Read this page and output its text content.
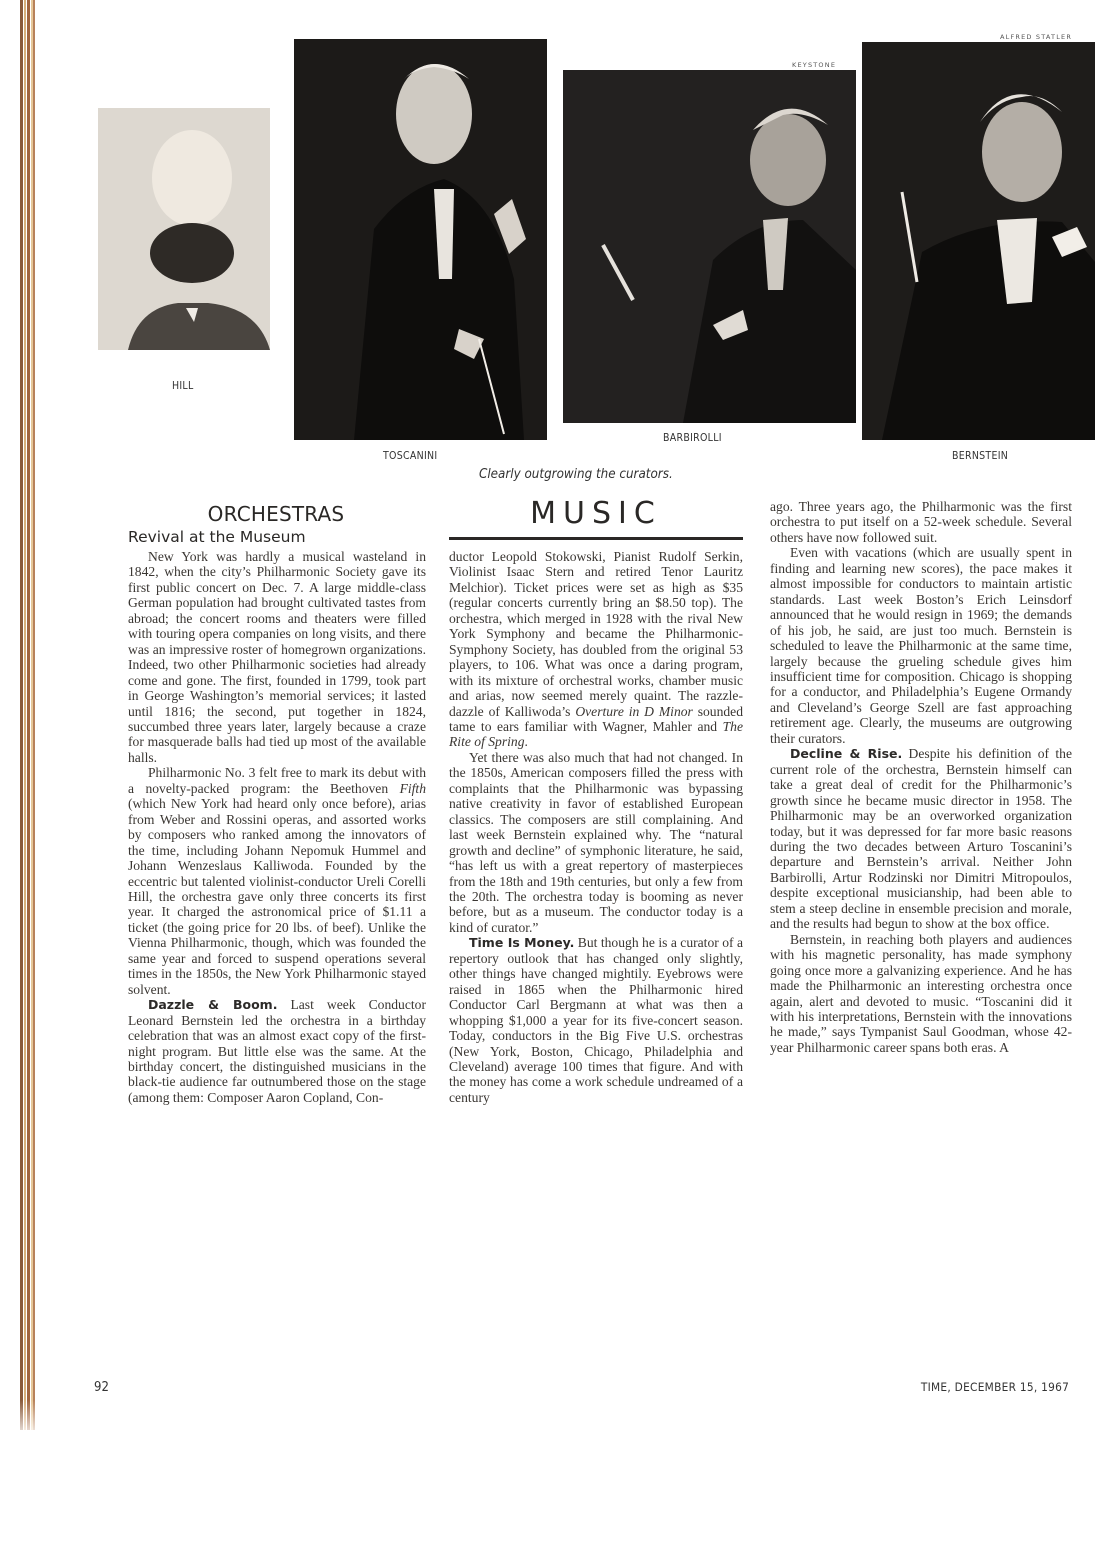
HILL
TOSCANINI
KEYSTONE
BARBIROLLI
ALFRED STATLER
BERNSTEIN
Clearly outgrowing the curators.
ORCHESTRAS
Revival at the Museum
MUSIC

New York was hardly a musical wasteland in 1842, when the city’s Philharmonic Society gave its first public concert on Dec. 7. A large middle-class German population had brought cultivated tastes from abroad; the concert rooms and theaters were filled with touring opera companies on long visits, and there was an impressive roster of homegrown organizations. Indeed, two other Philharmonic societies had already come and gone. The first, founded in 1799, took part in George Washington’s memorial services; it lasted until 1816; the second, put together in 1824, succumbed three years later, largely because a craze for masquerade balls had tied up most of the available halls.

Philharmonic No. 3 felt free to mark its debut with a novelty-packed program: the Beethoven Fifth (which New York had heard only once before), arias from Weber and Rossini operas, and assorted works by composers who ranked among the innovators of the time, including Johann Nepomuk Hummel and Johann Wenzeslaus Kalliwoda. Founded by the eccentric but talented violinist-conductor Ureli Corelli Hill, the orchestra gave only three concerts its first year. It charged the astronomical price of $1.11 a ticket (the going price for 20 lbs. of beef). Unlike the Vienna Philharmonic, though, which was founded the same year and forced to suspend operations several times in the 1850s, the New York Philharmonic stayed solvent.

Dazzle & Boom. Last week Conductor Leonard Bernstein led the orchestra in a birthday celebration that was an almost exact copy of the first-night program. But little else was the same. At the birthday concert, the distinguished musicians in the black-tie audience far outnumbered those on the stage (among them: Composer Aaron Copland, Con-

ductor Leopold Stokowski, Pianist Rudolf Serkin, Violinist Isaac Stern and retired Tenor Lauritz Melchior). Ticket prices were set as high as $35 (regular concerts currently bring an $8.50 top). The orchestra, which merged in 1928 with the rival New York Symphony and became the Philharmonic-Symphony Society, has doubled from the original 53 players, to 106. What was once a daring program, with its mixture of orchestral works, chamber music and arias, now seemed merely quaint. The razzle-dazzle of Kalliwoda’s Overture in D Minor sounded tame to ears familiar with Wagner, Mahler and The Rite of Spring.

Yet there was also much that had not changed. In the 1850s, American composers filled the press with complaints that the Philharmonic was bypassing native creativity in favor of established European classics. The composers are still complaining. And last week Bernstein explained why. The “natural growth and decline” of symphonic literature, he said, “has left us with a great repertory of masterpieces from the 18th and 19th centuries, but only a few from the 20th. The orchestra today is booming as never before, but as a museum. The conductor today is a kind of curator.”

Time Is Money. But though he is a curator of a repertory outlook that has changed only slightly, other things have changed mightily. Eyebrows were raised in 1865 when the Philharmonic hired Conductor Carl Bergmann at what was then a whopping $1,000 a year for its five-concert season. Today, conductors in the Big Five U.S. orchestras (New York, Boston, Chicago, Philadelphia and Cleveland) average 100 times that figure. And with the money has come a work schedule undreamed of a century

ago. Three years ago, the Philharmonic was the first orchestra to put itself on a 52-week schedule. Several others have now followed suit.

Even with vacations (which are usually spent in finding and learning new scores), the pace makes it almost impossible for conductors to maintain artistic standards. Last week Boston’s Erich Leinsdorf announced that he would resign in 1969; the demands of his job, he said, are just too much. Bernstein is scheduled to leave the Philharmonic at the same time, largely because the grueling schedule gives him insufficient time for composition. Chicago is shopping for a conductor, and Philadelphia’s Eugene Ormandy and Cleveland’s George Szell are fast approaching retirement age. Clearly, the museums are outgrowing their curators.

Decline & Rise. Despite his definition of the current role of the orchestra, Bernstein himself can take a great deal of credit for the Philharmonic’s growth since he became music director in 1958. The Philharmonic may be an overworked organization today, but it was depressed for far more basic reasons during the two decades between Arturo Toscanini’s departure and Bernstein’s arrival. Neither John Barbirolli, Artur Rodzinski nor Dimitri Mitropoulos, despite exceptional musicianship, had been able to stem a steep decline in ensemble precision and morale, and the results had begun to show at the box office.

Bernstein, in reaching both players and audiences with his magnetic personality, has made symphony going once more a galvanizing experience. And he has made the Philharmonic an interesting orchestra once again, alert and devoted to music. “Toscanini did it with his interpretations, Bernstein with the innovations he made,” says Tympanist Saul Goodman, whose 42-year Philharmonic career spans both eras. A

92	TIME, DECEMBER 15, 1967
